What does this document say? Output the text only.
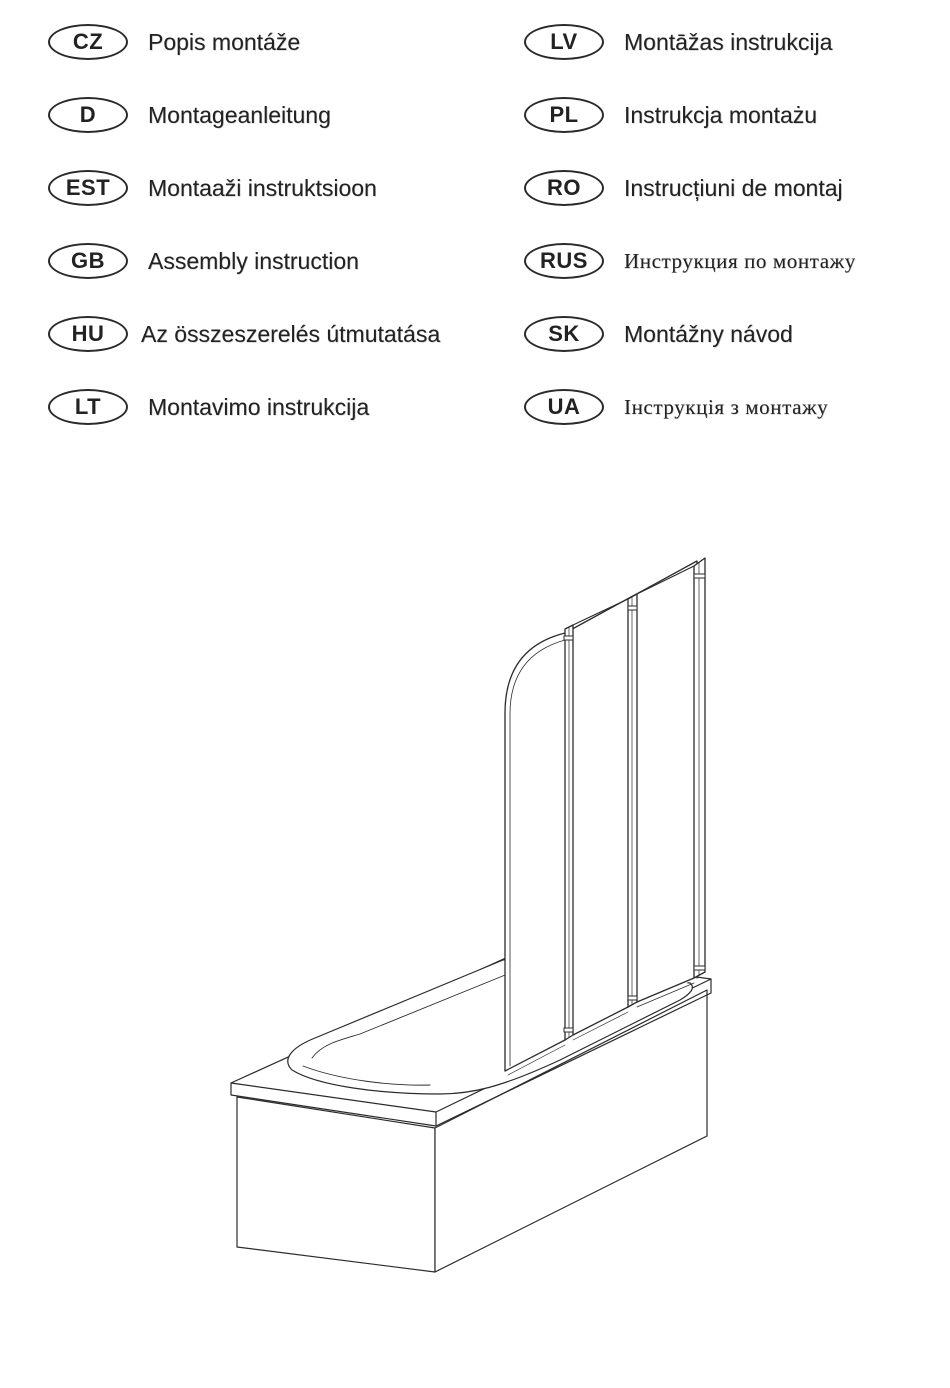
CZ	Popis montáže
D	Montageanleitung
EST	Montaaži instruktsioon
GB	Assembly instruction
HU	Az összeszerelés útmutatása
LT	Montavimo instrukcija
LV	Montāžas instrukcija
PL	Instrukcja montażu
RO	Instrucțiuni de montaj
RUS	Инструкция по монтажу
SK	Montážny návod
UA	Інструкція з монтажу
